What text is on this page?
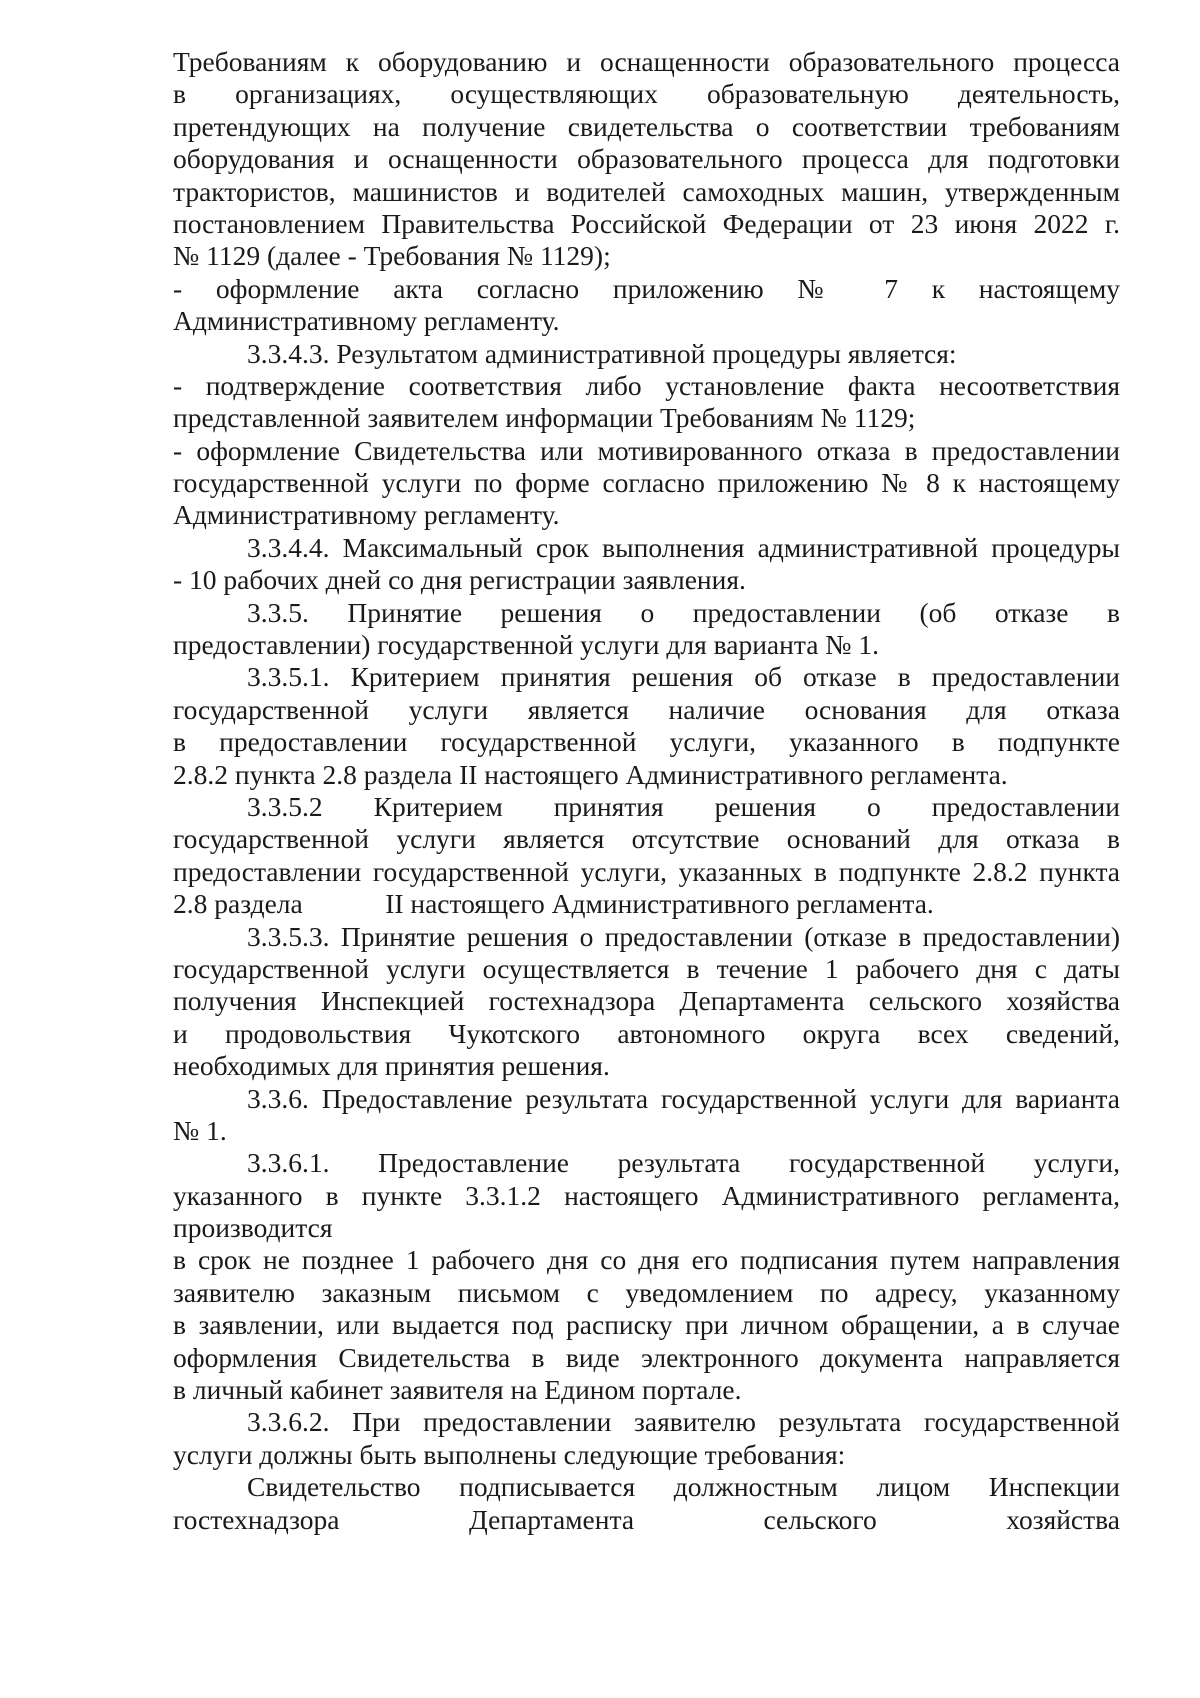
Требованиям к оборудованию и оснащенности образовательного процесса
в организациях, осуществляющих образовательную деятельность,
претендующих на получение свидетельства о соответствии требованиям
оборудования и оснащенности образовательного процесса для подготовки
трактористов, машинистов и водителей самоходных машин, утвержденным
постановлением Правительства Российской Федерации от 23 июня 2022 г.
№ 1129 (далее - Требования № 1129);
- оформление акта согласно приложению № 7 к настоящему
Административному регламенту.
3.3.4.3. Результатом административной процедуры является:
- подтверждение соответствия либо установление факта несоответствия
представленной заявителем информации Требованиям № 1129;
- оформление Свидетельства или мотивированного отказа в предоставлении
государственной услуги по форме согласно приложению № 8 к настоящему
Административному регламенту.
3.3.4.4. Максимальный срок выполнения административной процедуры
- 10 рабочих дней со дня регистрации заявления.
3.3.5. Принятие решения о предоставлении (об отказе в
предоставлении) государственной услуги для варианта № 1.
3.3.5.1. Критерием принятия решения об отказе в предоставлении
государственной услуги является наличие основания для отказа
в предоставлении государственной услуги, указанного в подпункте
2.8.2 пункта 2.8 раздела II настоящего Административного регламента.
3.3.5.2 Критерием принятия решения о предоставлении
государственной услуги является отсутствие оснований для отказа в
предоставлении государственной услуги, указанных в подпункте 2.8.2 пункта
2.8 раздела            II настоящего Административного регламента.
3.3.5.3. Принятие решения о предоставлении (отказе в предоставлении)
государственной услуги осуществляется в течение 1 рабочего дня с даты
получения Инспекцией гостехнадзора Департамента сельского хозяйства
и продовольствия Чукотского автономного округа всех сведений,
необходимых для принятия решения.
3.3.6. Предоставление результата государственной услуги для варианта
№ 1.
3.3.6.1. Предоставление результата государственной услуги,
указанного в пункте 3.3.1.2 настоящего Административного регламента,
производится
в срок не позднее 1 рабочего дня со дня его подписания путем направления
заявителю заказным письмом с уведомлением по адресу, указанному
в заявлении, или выдается под расписку при личном обращении, а в случае
оформления Свидетельства в виде электронного документа направляется
в личный кабинет заявителя на Едином портале.
3.3.6.2. При предоставлении заявителю результата государственной
услуги должны быть выполнены следующие требования:
Свидетельство подписывается должностным лицом Инспекции
гостехнадзора Департамента сельского хозяйства
